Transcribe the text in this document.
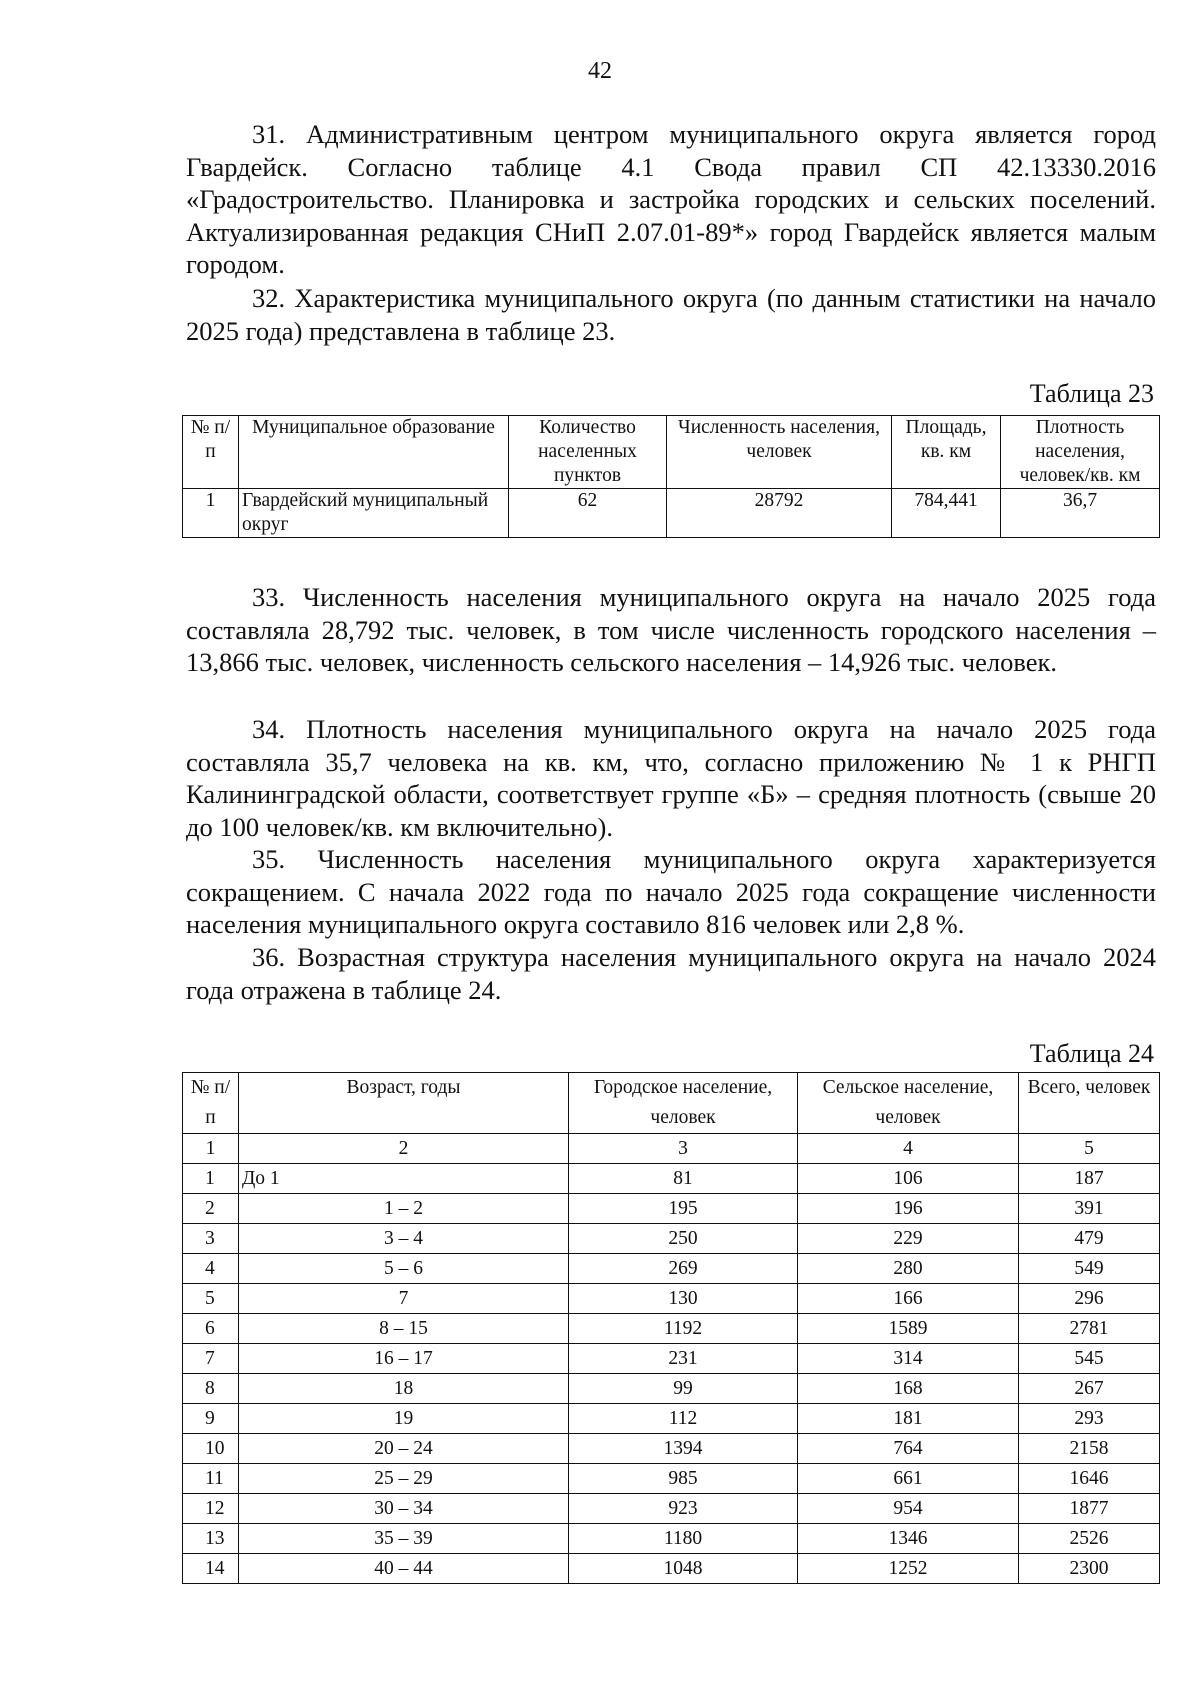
42

31. Административным центром муниципального округа является город Гвардейск. Согласно таблице 4.1 Свода правил СП 42.13330.2016 «Градостроительство. Планировка и застройка городских и сельских поселений. Актуализированная редакция СНиП 2.07.01-89*» город Гвардейск является малым городом.

32. Характеристика муниципального округа (по данным статистики на начало 2025 года) представлена в таблице 23.

Таблица 23
№ п/п	Муниципальное образование	Количество населенных пунктов	Численность населения, человек	Площадь, кв. км	Плотность населения, человек/кв. км
1	Гвардейский муниципальный округ	62	28792	784,441	36,7

33. Численность населения муниципального округа на начало 2025 года составляла 28,792 тыс. человек, в том числе численность городского населения – 13,866 тыс. человек, численность сельского населения – 14,926 тыс. человек.

34. Плотность населения муниципального округа на начало 2025 года составляла 35,7 человека на кв. км, что, согласно приложению № 1 к РНГП Калининградской области, соответствует группе «Б» – средняя плотность (свыше 20 до 100 человек/кв. км включительно).

35. Численность населения муниципального округа характеризуется сокращением. С начала 2022 года по начало 2025 года сокращение численности населения муниципального округа составило 816 человек или 2,8 %.

36. Возрастная структура населения муниципального округа на начало 2024 года отражена в таблице 24.

Таблица 24
№ п/п	Возраст, годы	Городское население, человек	Сельское население, человек	Всего, человек
1	2	3	4	5
1	До 1	81	106	187
2	1 – 2	195	196	391
3	3 – 4	250	229	479
4	5 – 6	269	280	549
5	7	130	166	296
6	8 – 15	1192	1589	2781
7	16 – 17	231	314	545
8	18	99	168	267
9	19	112	181	293
10	20 – 24	1394	764	2158
11	25 – 29	985	661	1646
12	30 – 34	923	954	1877
13	35 – 39	1180	1346	2526
14	40 – 44	1048	1252	2300
